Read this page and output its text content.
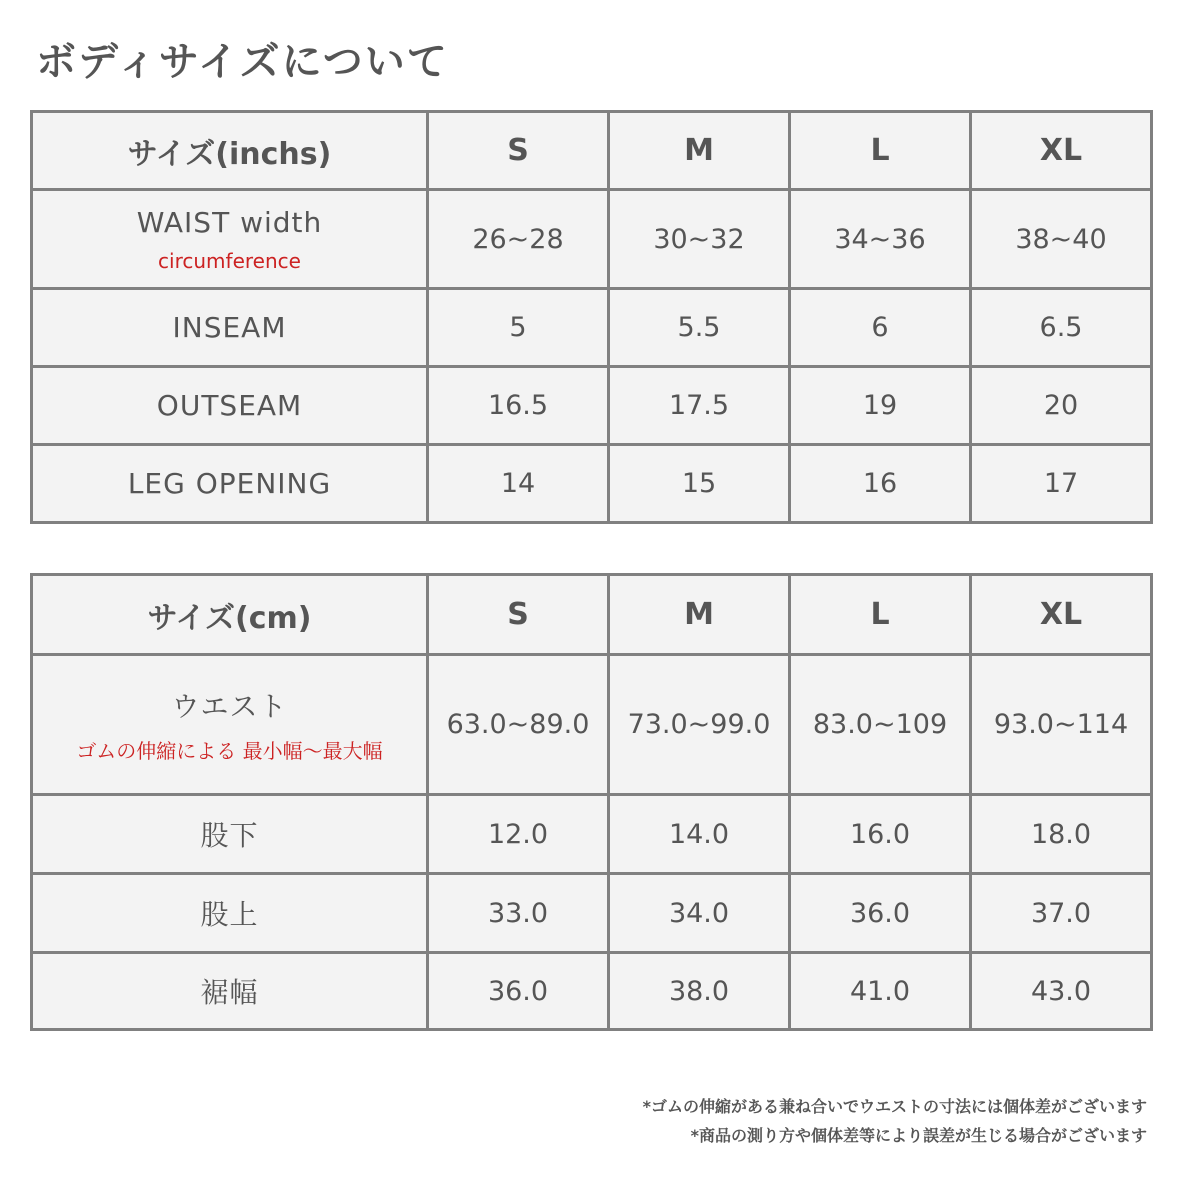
ボディサイズについて
サイズ(inchs)	S	M	L	XL
WAIST width
circumference	26~28	30~32	34~36	38~40
INSEAM	5	5.5	6	6.5
OUTSEAM	16.5	17.5	19	20
LEG OPENING	14	15	16	17
サイズ(cm)	S	M	L	XL
ウエスト
ゴムの伸縮による 最小幅～最大幅	63.0~89.0	73.0~99.0	83.0~109	93.0~114
股下	12.0	14.0	16.0	18.0
股上	33.0	34.0	36.0	37.0
裾幅	36.0	38.0	41.0	43.0
*ゴムの伸縮がある兼ね合いでウエストの寸法には個体差がございます
*商品の測り方や個体差等により誤差が生じる場合がございます
